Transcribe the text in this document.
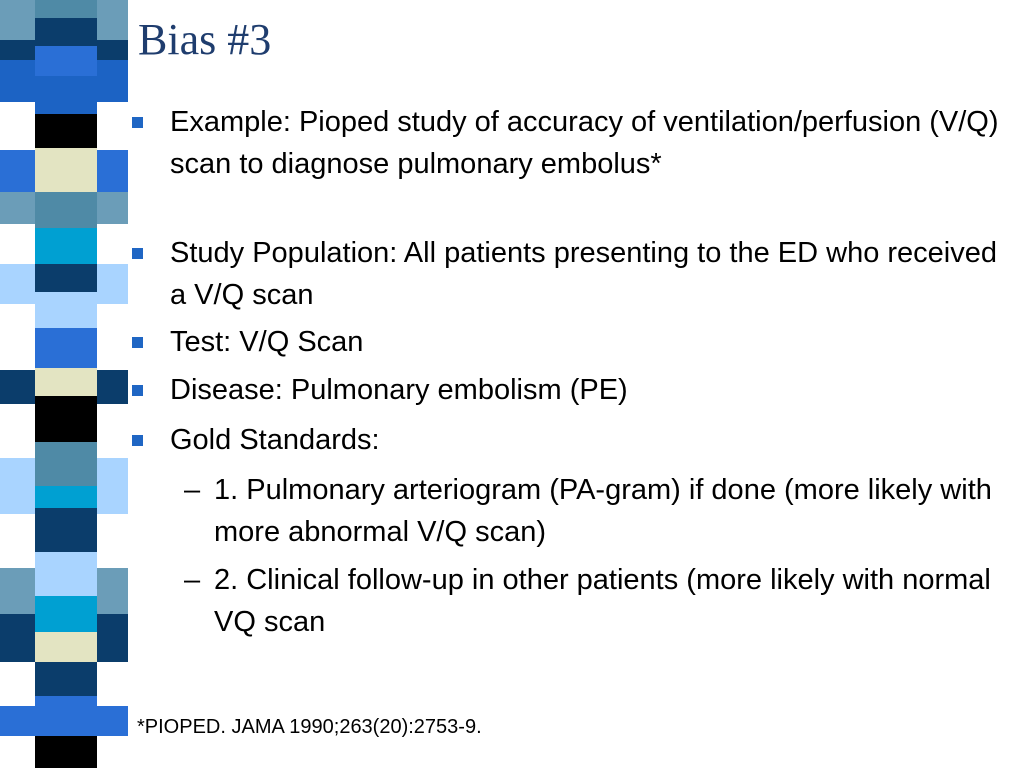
Bias #3
Example: Pioped study of accuracy of ventilation/perfusion (V/Q) scan to diagnose pulmonary embolus*
Study Population: All patients presenting to the ED who received a V/Q scan
Test: V/Q Scan
Disease: Pulmonary embolism (PE)
Gold Standards:
– 1. Pulmonary arteriogram (PA-gram) if done (more likely with more abnormal V/Q scan)
– 2. Clinical follow-up in other patients (more likely with normal VQ scan
*PIOPED. JAMA 1990;263(20):2753-9.
